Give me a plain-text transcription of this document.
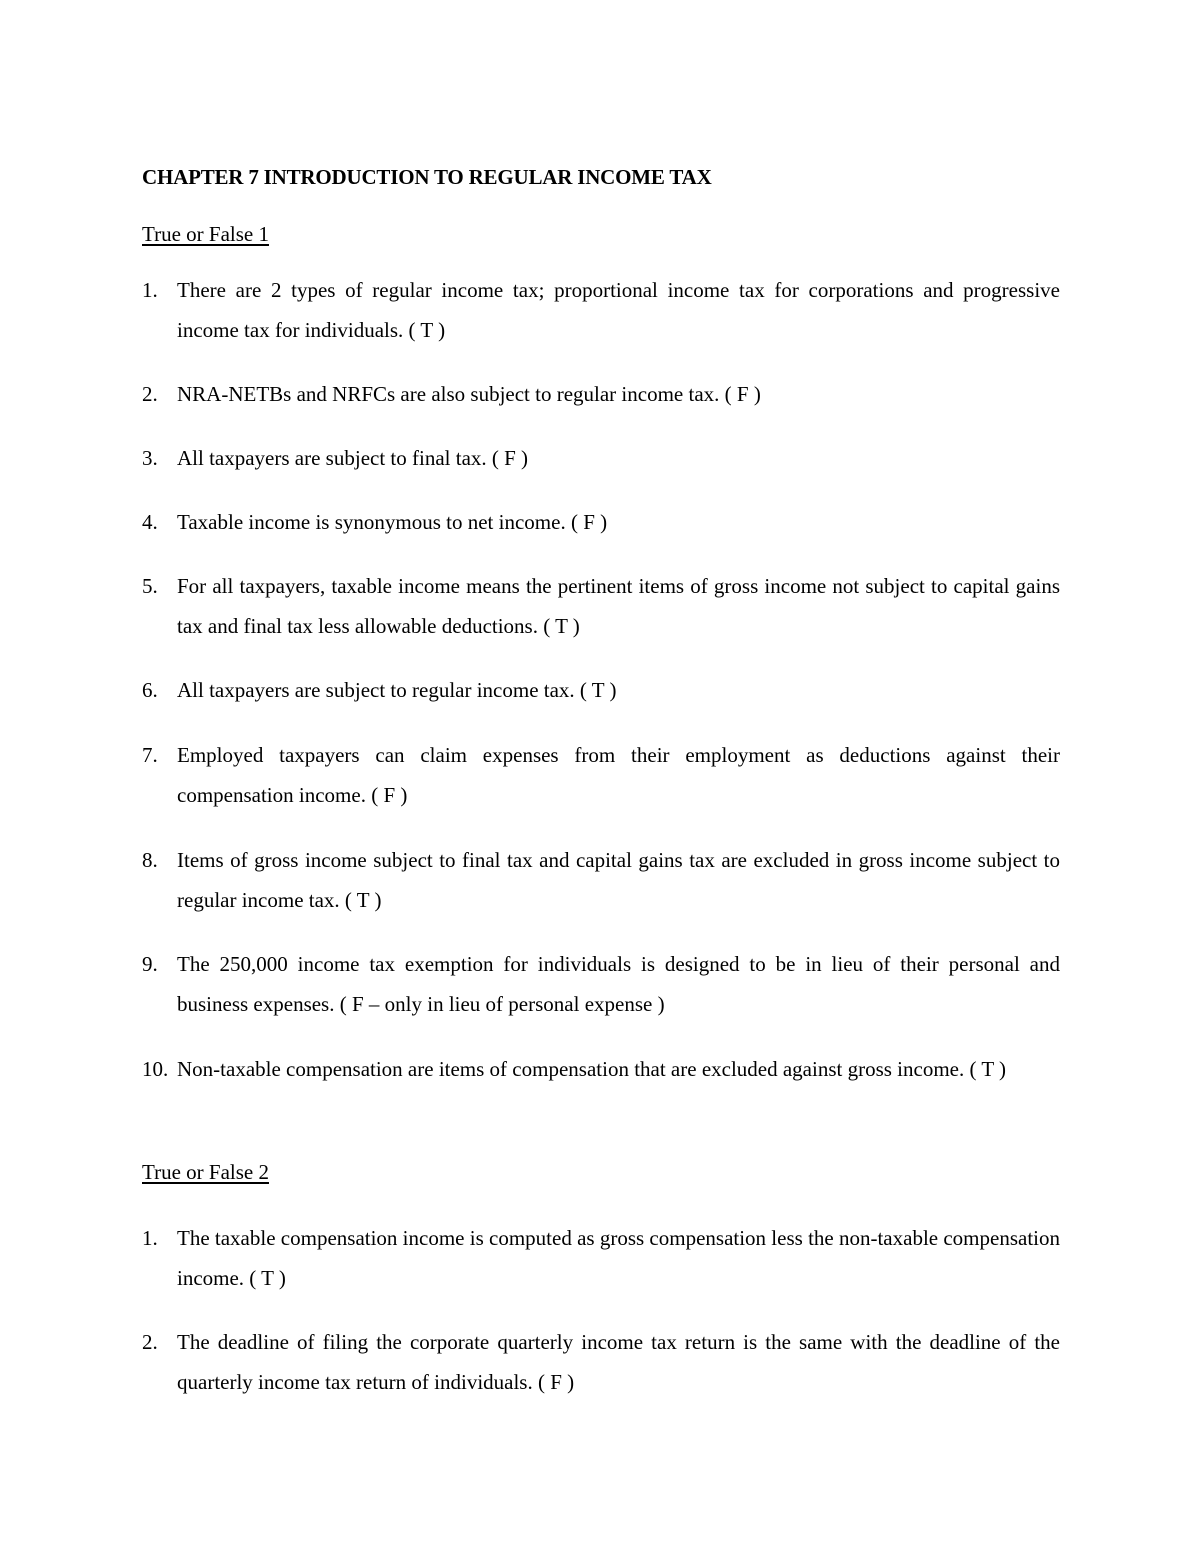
CHAPTER 7 INTRODUCTION TO REGULAR INCOME TAX
True or False 1
1. There are 2 types of regular income tax; proportional income tax for corporations and progressive income tax for individuals. ( T )
2. NRA-NETBs and NRFCs are also subject to regular income tax. ( F )
3. All taxpayers are subject to final tax. ( F )
4. Taxable income is synonymous to net income. ( F )
5. For all taxpayers, taxable income means the pertinent items of gross income not subject to capital gains tax and final tax less allowable deductions. ( T )
6. All taxpayers are subject to regular income tax. ( T )
7. Employed taxpayers can claim expenses from their employment as deductions against their compensation income. ( F )
8. Items of gross income subject to final tax and capital gains tax are excluded in gross income subject to regular income tax. ( T )
9. The 250,000 income tax exemption for individuals is designed to be in lieu of their personal and business expenses. ( F – only in lieu of personal expense )
10. Non-taxable compensation are items of compensation that are excluded against gross income. ( T )
True or False 2
1. The taxable compensation income is computed as gross compensation less the non-taxable compensation income. ( T )
2. The deadline of filing the corporate quarterly income tax return is the same with the deadline of the quarterly income tax return of individuals. ( F )
